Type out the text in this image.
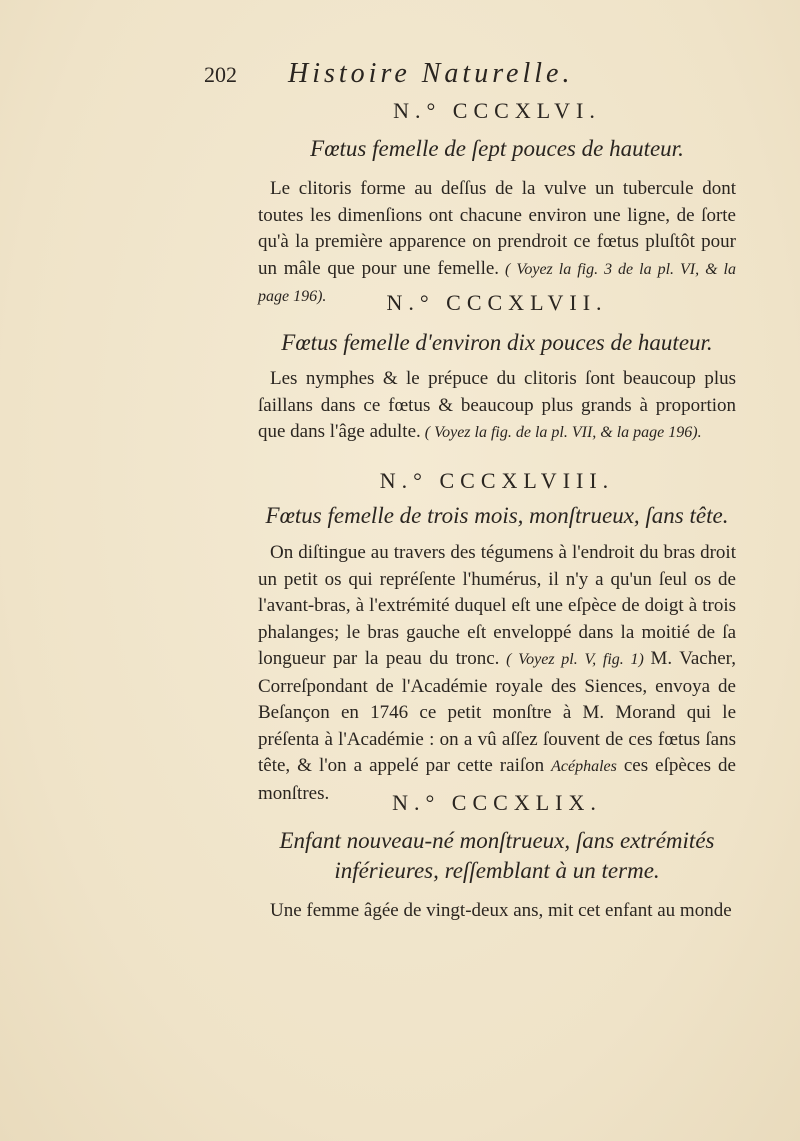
202 Histoire Naturelle.
N.° CCCXLVI.
Fœtus femelle de ſept pouces de hauteur.
Le clitoris forme au deſſus de la vulve un tubercule dont toutes les dimenſions ont chacune environ une ligne, de ſorte qu'à la première apparence on prendroit ce fœtus pluſtôt pour un mâle que pour une femelle. ( Voyez la fig. 3 de la pl. VI, & la page 196).	N.° CCCXLVII.
Fœtus femelle d'environ dix pouces de hauteur.
Les nymphes & le prépuce du clitoris ſont beaucoup plus ſaillans dans ce fœtus & beaucoup plus grands à proportion que dans l'âge adulte. ( Voyez la fig. de la pl. VII, & la page 196).
N.° CCCXLVIII.
Fœtus femelle de trois mois, monſtrueux, ſans tête.
On diſtingue au travers des tégumens à l'endroit du bras droit un petit os qui repréſente l'humérus, il n'y a qu'un ſeul os de l'avant-bras, à l'extrémité duquel eſt une eſpèce de doigt à trois phalanges; le bras gauche eſt enveloppé dans la moitié de ſa longueur par la peau du tronc. ( Voyez pl. V, fig. 1) M. Vacher, Correſpondant de l'Académie royale des Siences, envoya de Beſançon en 1746 ce petit monſtre à M. Morand qui le préſenta à l'Académie : on a vû aſſez ſouvent de ces fœtus ſans tête, & l'on a appelé par cette raiſon Acéphales ces eſpèces de monſtres.	N.° CCCXLIX.
Enfant nouveau-né monſtrueux, ſans extrémités inférieures, reſſemblant à un terme.
Une femme âgée de vingt-deux ans, mit cet enfant au monde
